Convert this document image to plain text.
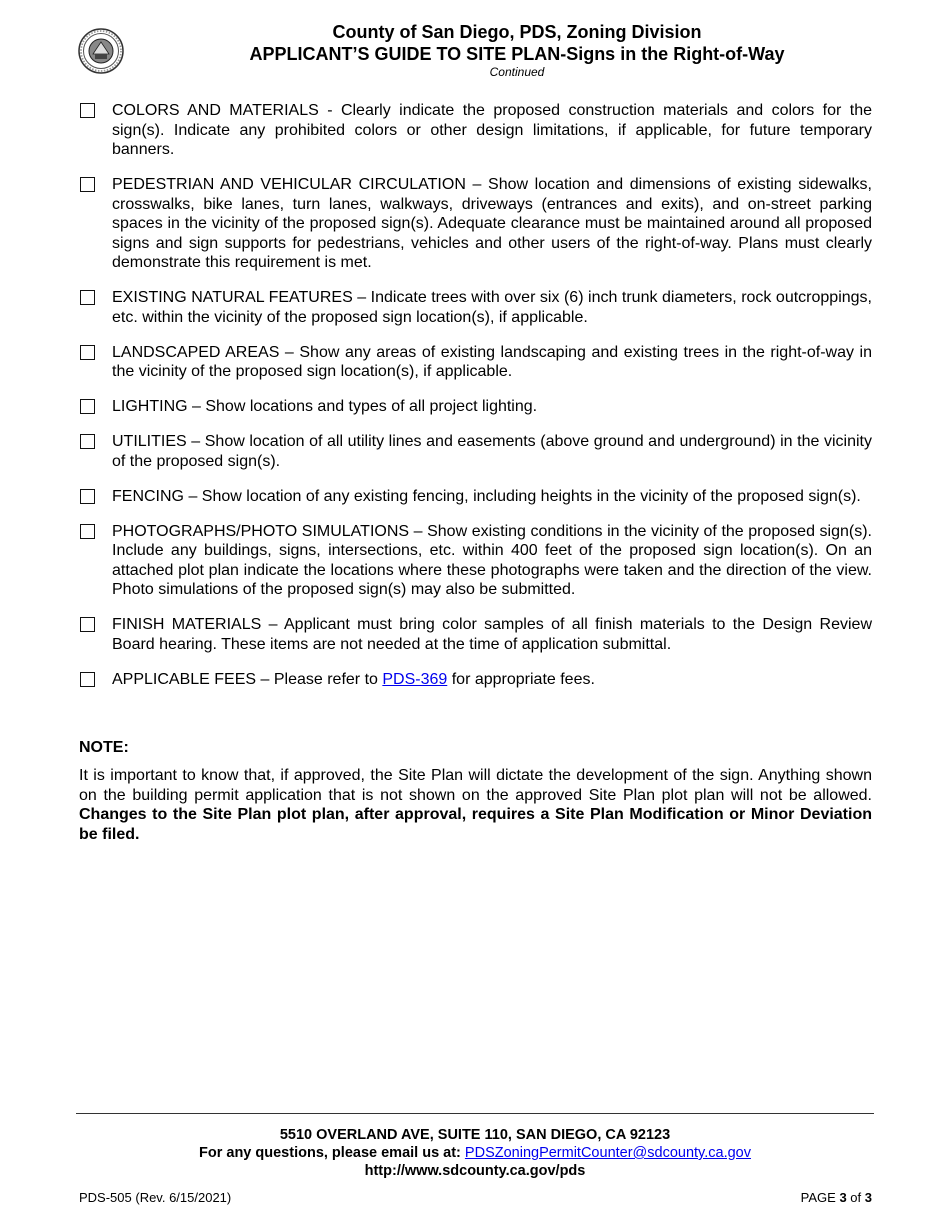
County of San Diego, PDS, Zoning Division
APPLICANT’S GUIDE TO SITE PLAN-Signs in the Right-of-Way
Continued
COLORS AND MATERIALS - Clearly indicate the proposed construction materials and colors for the sign(s). Indicate any prohibited colors or other design limitations, if applicable, for future temporary banners.
PEDESTRIAN AND VEHICULAR CIRCULATION – Show location and dimensions of existing sidewalks, crosswalks, bike lanes, turn lanes, walkways, driveways (entrances and exits), and on-street parking spaces in the vicinity of the proposed sign(s). Adequate clearance must be maintained around all proposed signs and sign supports for pedestrians, vehicles and other users of the right-of-way. Plans must clearly demonstrate this requirement is met.
EXISTING NATURAL FEATURES – Indicate trees with over six (6) inch trunk diameters, rock outcroppings, etc. within the vicinity of the proposed sign location(s), if applicable.
LANDSCAPED AREAS – Show any areas of existing landscaping and existing trees in the right-of-way in the vicinity of the proposed sign location(s), if applicable.
LIGHTING – Show locations and types of all project lighting.
UTILITIES – Show location of all utility lines and easements (above ground and underground) in the vicinity of the proposed sign(s).
FENCING – Show location of any existing fencing, including heights in the vicinity of the proposed sign(s).
PHOTOGRAPHS/PHOTO SIMULATIONS – Show existing conditions in the vicinity of the proposed sign(s). Include any buildings, signs, intersections, etc. within 400 feet of the proposed sign location(s). On an attached plot plan indicate the locations where these photographs were taken and the direction of the view. Photo simulations of the proposed sign(s) may also be submitted.
FINISH MATERIALS – Applicant must bring color samples of all finish materials to the Design Review Board hearing. These items are not needed at the time of application submittal.
APPLICABLE FEES – Please refer to PDS-369 for appropriate fees.
NOTE:
It is important to know that, if approved, the Site Plan will dictate the development of the sign. Anything shown on the building permit application that is not shown on the approved Site Plan plot plan will not be allowed. Changes to the Site Plan plot plan, after approval, requires a Site Plan Modification or Minor Deviation be filed.
5510 OVERLAND AVE, SUITE 110, SAN DIEGO, CA 92123
For any questions, please email us at: PDSZoningPermitCounter@sdcounty.ca.gov
http://www.sdcounty.ca.gov/pds
PDS-505 (Rev. 6/15/2021)	PAGE 3 of 3
